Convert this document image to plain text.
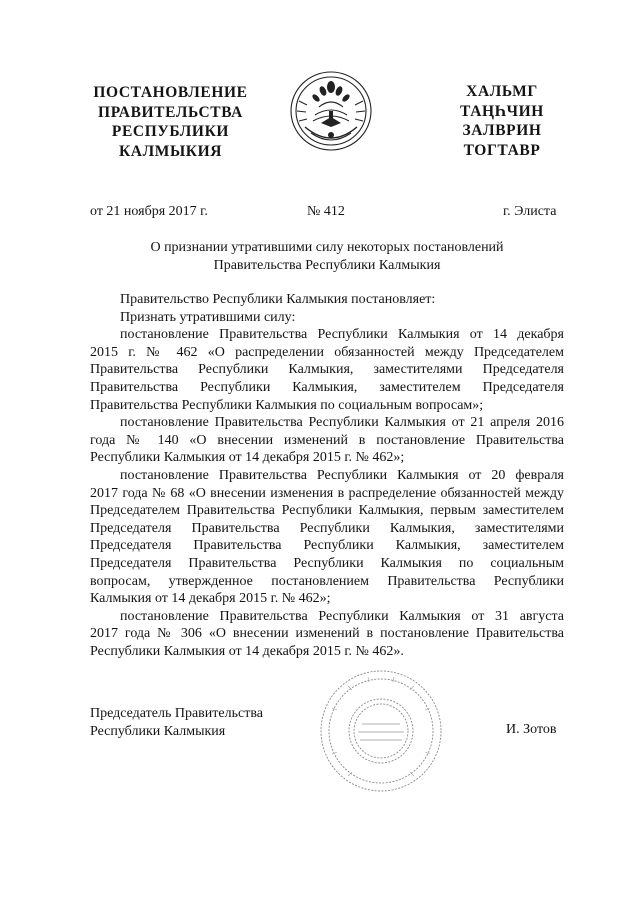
ПОСТАНОВЛЕНИЕ
ПРАВИТЕЛЬСТВА
РЕСПУБЛИКИ
КАЛМЫКИЯ
ХАЛЬМГ
ТАҢҺЧИН
ЗАЛВРИН
ТОГТАВР
от 21 ноября 2017 г.	№ 412	г. Элиста
О признании утратившими силу некоторых постановлений
Правительства Республики Калмыкия
Правительство Республики Калмыкия постановляет:
Признать утратившими силу:
постановление Правительства Республики Калмыкия от 14 декабря
2015 г. № 462 «О распределении обязанностей между Председателем
Правительства Республики Калмыкия, заместителями Председателя
Правительства Республики Калмыкия, заместителем Председателя
Правительства Республики Калмыкия по социальным вопросам»;
постановление Правительства Республики Калмыкия от 21 апреля 2016
года № 140 «О внесении изменений в постановление Правительства
Республики Калмыкия от 14 декабря 2015 г. № 462»;
постановление Правительства Республики Калмыкия от 20 февраля
2017 года № 68 «О внесении изменения в распределение обязанностей между
Председателем Правительства Республики Калмыкия, первым заместителем
Председателя Правительства Республики Калмыкия, заместителями
Председателя Правительства Республики Калмыкия, заместителем
Председателя Правительства Республики Калмыкия по социальным
вопросам, утвержденное постановлением Правительства Республики
Калмыкия от 14 декабря 2015 г. № 462»;
постановление Правительства Республики Калмыкия от 31 августа
2017 года № 306 «О внесении изменений в постановление Правительства
Республики Калмыкия от 14 декабря 2015 г. № 462».
Председатель Правительства
Республики Калмыкия	И. Зотов
